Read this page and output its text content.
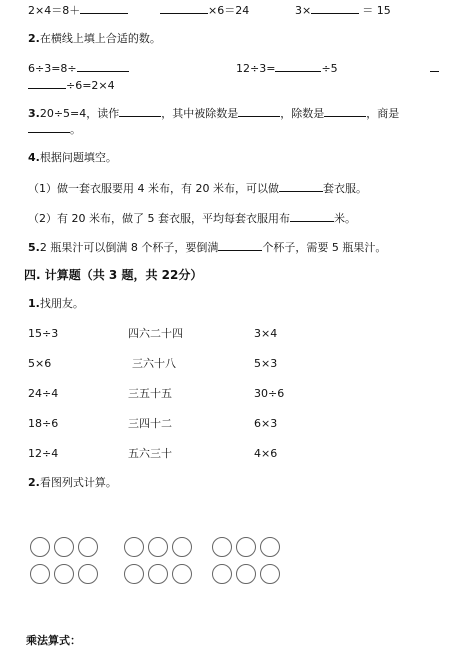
2×4＝8＋	×6＝24	3×	＝ 15
2.在横线上填上合适的数。
6÷3=8÷	12÷3=	÷5
÷6=2×4
3.20÷5=4，读作	，其中被除数是	，除数是	，商是
。
4.根据问题填空。
（1）做一套衣服要用 4 米布，有 20 米布，可以做	套衣服。
（2）有 20 米布，做了 5 套衣服，平均每套衣服用布	米。
5.2 瓶果汁可以倒满 8 个杯子，要倒满	个杯子，需要 5 瓶果汁。
四. 计算题（共 3 题，共 22分）
1.找朋友。
15÷3	四六二十四	3×4
5×6	三六十八	5×3
24÷4	三五十五	30÷6
18÷6	三四十二	6×3
12÷4	五六三十	4×6
2.看图列式计算。
乘法算式：
